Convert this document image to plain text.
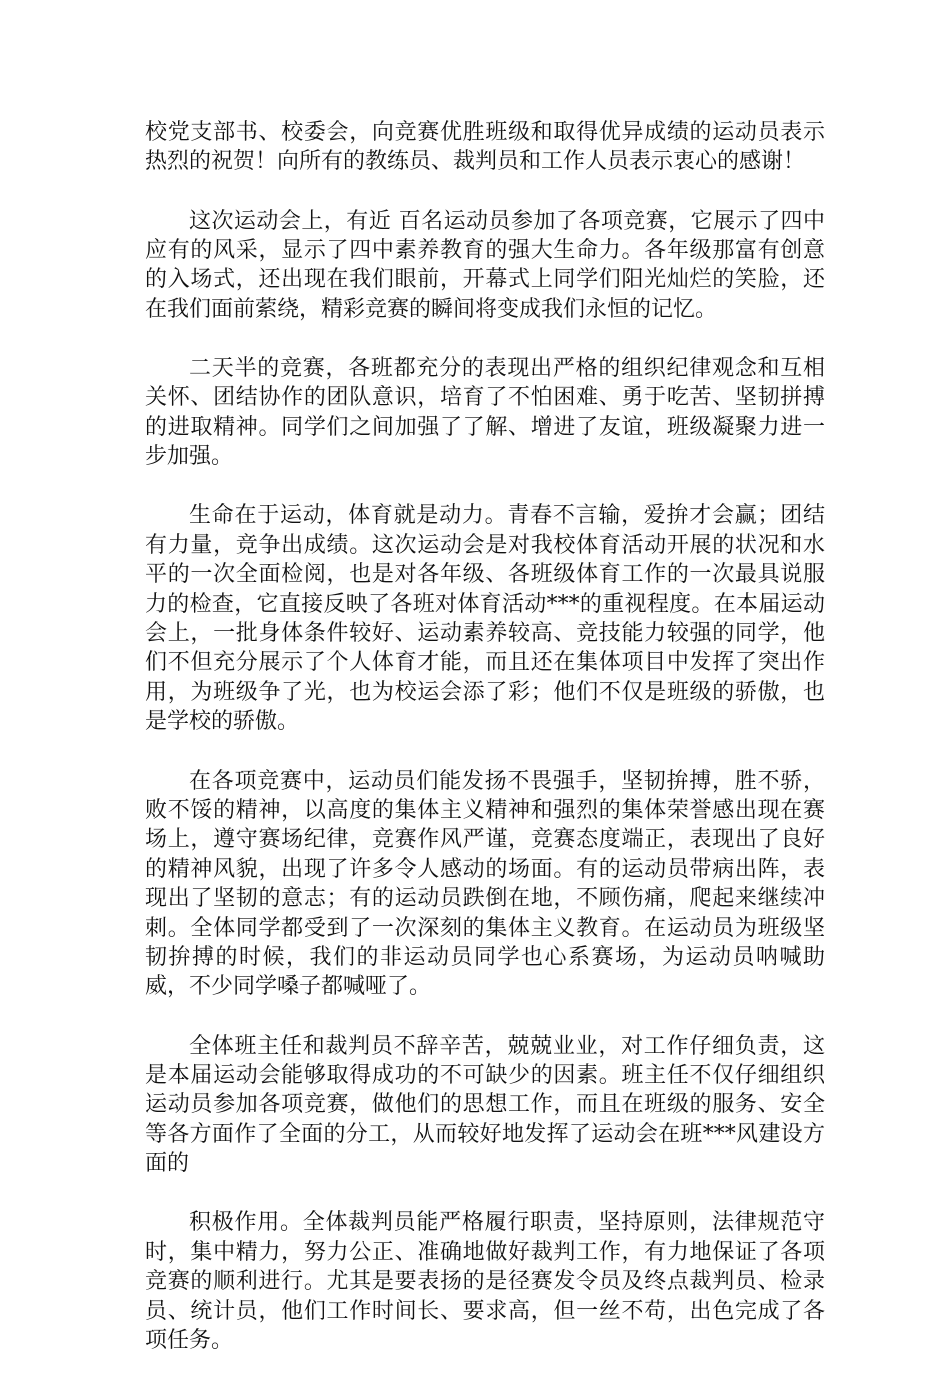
校党支部书、校委会，向竞赛优胜班级和取得优异成绩的运动员表示热烈的祝贺！向所有的教练员、裁判员和工作人员表示衷心的感谢！

这次运动会上，有近 百名运动员参加了各项竞赛，它展示了四中应有的风采，显示了四中素养教育的强大生命力。各年级那富有创意的入场式，还出现在我们眼前，开幕式上同学们阳光灿烂的笑脸，还在我们面前萦绕，精彩竞赛的瞬间将变成我们永恒的记忆。

二天半的竞赛，各班都充分的表现出严格的组织纪律观念和互相关怀、团结协作的团队意识，培育了不怕困难、勇于吃苦、坚韧拼搏的进取精神。同学们之间加强了了解、增进了友谊，班级凝聚力进一步加强。

生命在于运动，体育就是动力。青春不言输，爱拚才会赢；团结有力量，竞争出成绩。这次运动会是对我校体育活动开展的状况和水平的一次全面检阅，也是对各年级、各班级体育工作的一次最具说服力的检查，它直接反映了各班对体育活动***的重视程度。在本届运动会上，一批身体条件较好、运动素养较高、竞技能力较强的同学，他们不但充分展示了个人体育才能，而且还在集体项目中发挥了突出作用，为班级争了光，也为校运会添了彩；他们不仅是班级的骄傲，也是学校的骄傲。

在各项竞赛中，运动员们能发扬不畏强手，坚韧拚搏，胜不骄，败不馁的精神，以高度的集体主义精神和强烈的集体荣誉感出现在赛场上，遵守赛场纪律，竞赛作风严谨，竞赛态度端正，表现出了良好的精神风貌，出现了许多令人感动的场面。有的运动员带病出阵，表现出了坚韧的意志；有的运动员跌倒在地，不顾伤痛，爬起来继续冲刺。全体同学都受到了一次深刻的集体主义教育。在运动员为班级坚韧拚搏的时候，我们的非运动员同学也心系赛场，为运动员呐喊助威，不少同学嗓子都喊哑了。

全体班主任和裁判员不辞辛苦，兢兢业业，对工作仔细负责，这是本届运动会能够取得成功的不可缺少的因素。班主任不仅仔细组织运动员参加各项竞赛，做他们的思想工作，而且在班级的服务、安全等各方面作了全面的分工，从而较好地发挥了运动会在班***风建设方面的

积极作用。全体裁判员能严格履行职责，坚持原则，法律规范守时，集中精力，努力公正、准确地做好裁判工作，有力地保证了各项竞赛的顺利进行。尤其是要表扬的是径赛发令员及终点裁判员、检录员、统计员，他们工作时间长、要求高，但一丝不苟，出色完成了各项任务。
